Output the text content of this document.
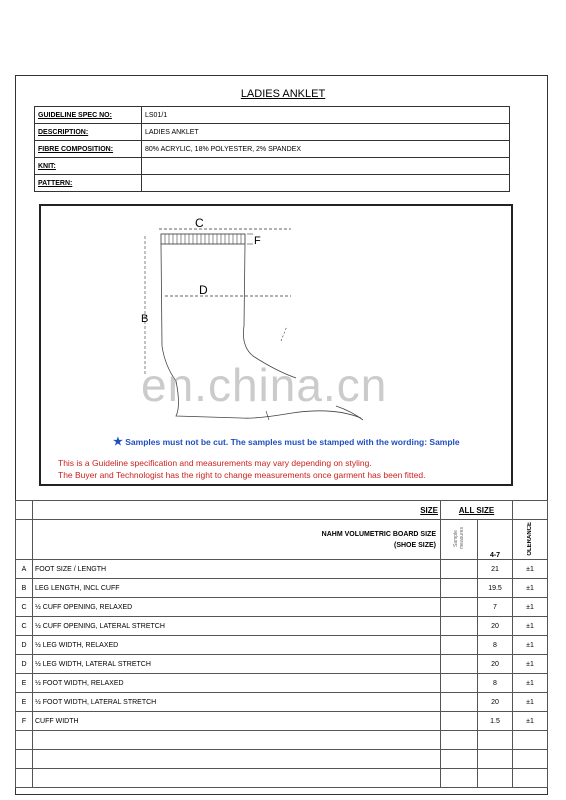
LADIES ANKLET
GUIDELINE SPEC NO:	LS01/1
DESCRIPTION:	LADIES ANKLET
FIBRE COMPOSITION:	80% ACRYLIC, 18% POLYESTER, 2% SPANDEX
KNIT:	
PATTERN:	
C
F
D
B
en.china.cn
★ Samples must not be cut. The samples must be stamped with the wording: Sample
This is a Guideline specification and measurements may vary depending on styling.
The Buyer and Technologist has the right to change measurements once garment has been fitted.
	SIZE	ALL SIZE		

	NAHM VOLUMETRIC BOARD SIZE
(SHOE SIZE)	Sample measures	4-7	OLERANCE
A	FOOT SIZE / LENGTH		21	±1
B	LEG LENGTH, INCL CUFF		19.5	±1
C	½ CUFF OPENING, RELAXED		7	±1
C	½ CUFF OPENING, LATERAL STRETCH		20	±1
D	½ LEG WIDTH, RELAXED		8	±1
D	½ LEG WIDTH, LATERAL STRETCH		20	±1
E	½ FOOT WIDTH, RELAXED		8	±1
E	½ FOOT WIDTH, LATERAL STRETCH		20	±1
F	CUFF WIDTH		1.5	±1
